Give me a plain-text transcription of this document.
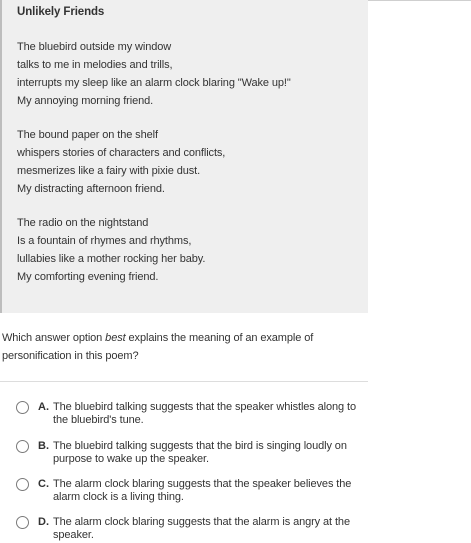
Unlikely Friends
The bluebird outside my window
talks to me in melodies and trills,
interrupts my sleep like an alarm clock blaring "Wake up!"
My annoying morning friend.
The bound paper on the shelf
whispers stories of characters and conflicts,
mesmerizes like a fairy with pixie dust.
My distracting afternoon friend.
The radio on the nightstand
Is a fountain of rhymes and rhythms,
lullabies like a mother rocking her baby.
My comforting evening friend.
Which answer option best explains the meaning of an example of personification in this poem?
A. The bluebird talking suggests that the speaker whistles along to the bluebird's tune.
B. The bluebird talking suggests that the bird is singing loudly on purpose to wake up the speaker.
C. The alarm clock blaring suggests that the speaker believes the alarm clock is a living thing.
D. The alarm clock blaring suggests that the alarm is angry at the speaker.
